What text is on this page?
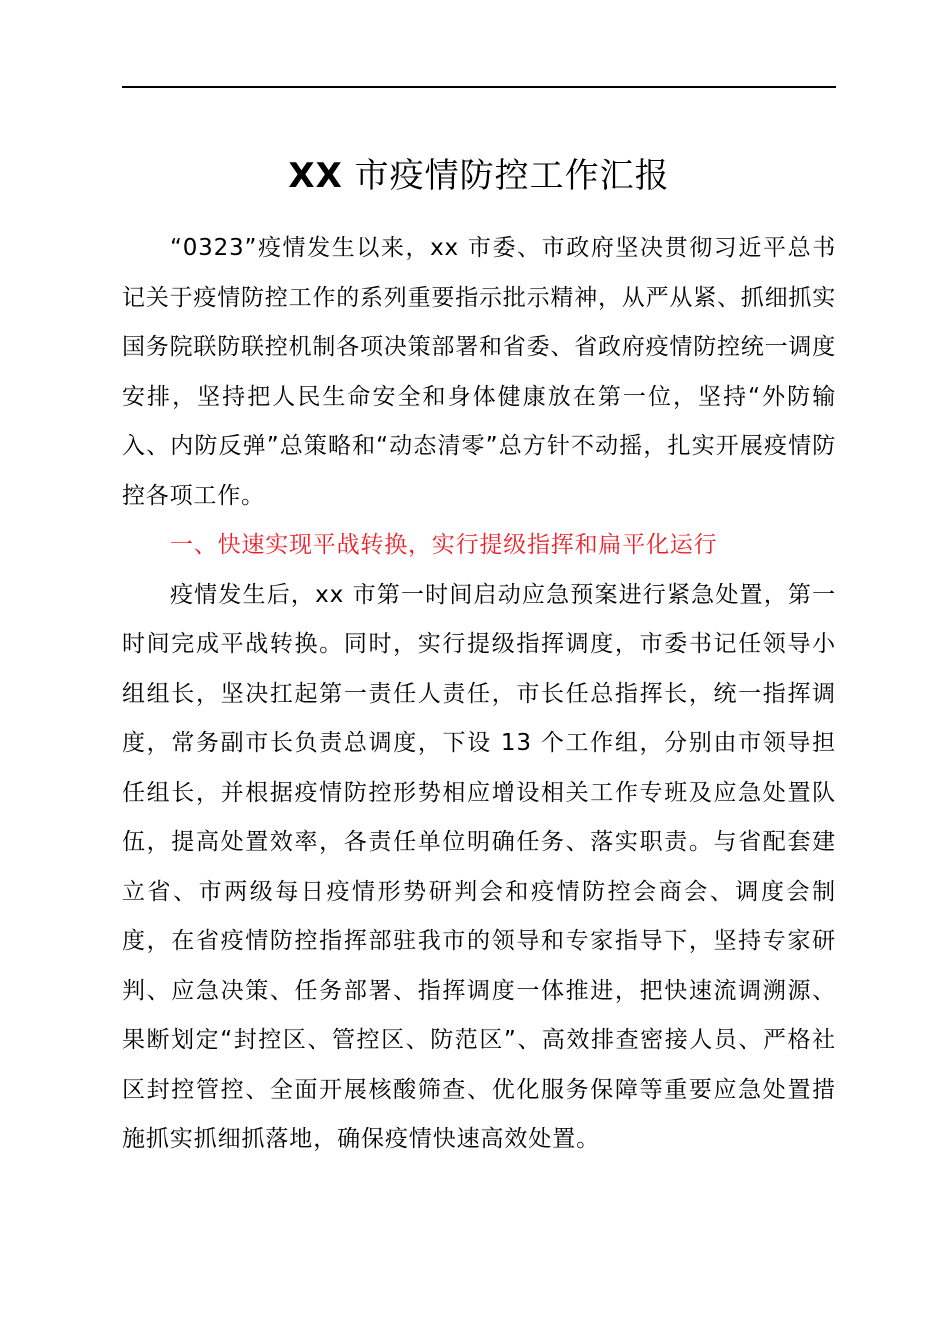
XX 市疫情防控工作汇报

“0323”疫情发生以来，xx 市委、市政府坚决贯彻习近平总书记关于疫情防控工作的系列重要指示批示精神，从严从紧、抓细抓实国务院联防联控机制各项决策部署和省委、省政府疫情防控统一调度安排，坚持把人民生命安全和身体健康放在第一位，坚持“外防输入、内防反弹”总策略和“动态清零”总方针不动摇，扎实开展疫情防控各项工作。

一、快速实现平战转换，实行提级指挥和扁平化运行

疫情发生后，xx 市第一时间启动应急预案进行紧急处置，第一时间完成平战转换。同时，实行提级指挥调度，市委书记任领导小组组长，坚决扛起第一责任人责任，市长任总指挥长，统一指挥调度，常务副市长负责总调度，下设 13 个工作组，分别由市领导担任组长，并根据疫情防控形势相应增设相关工作专班及应急处置队伍，提高处置效率，各责任单位明确任务、落实职责。与省配套建立省、市两级每日疫情形势研判会和疫情防控会商会、调度会制度，在省疫情防控指挥部驻我市的领导和专家指导下，坚持专家研判、应急决策、任务部署、指挥调度一体推进，把快速流调溯源、果断划定“封控区、管控区、防范区”、高效排查密接人员、严格社区封控管控、全面开展核酸筛查、优化服务保障等重要应急处置措施抓实抓细抓落地，确保疫情快速高效处置。
